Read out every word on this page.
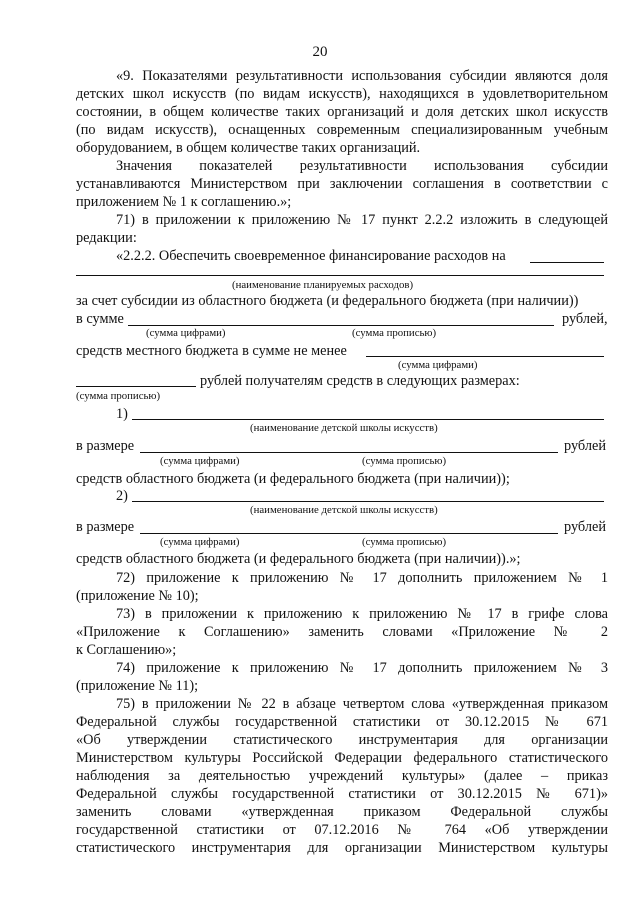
20
«9. Показателями результативности использования субсидии являются доля
детских школ искусств (по видам искусств), находящихся в удовлетворительном
состоянии, в общем количестве таких организаций и доля детских школ искусств
(по видам искусств), оснащенных современным специализированным учебным
оборудованием, в общем количестве таких организаций.
Значения показателей результативности использования субсидии
устанавливаются Министерством при заключении соглашения в соответствии с
приложением № 1 к соглашению.»;
71) в приложении к приложению № 17 пункт 2.2.2 изложить в следующей
редакции:
«2.2.2. Обеспечить своевременное финансирование расходов на
(наименование планируемых расходов)
за счет субсидии из областного бюджета (и федерального бюджета (при наличии))
в сумме	рублей,
(сумма цифрами)	(сумма прописью)
средств местного бюджета в сумме не менее
(сумма цифрами)
рублей получателям средств в следующих размерах:
(сумма прописью)
1)
(наименование детской школы искусств)
в размере	рублей
(сумма цифрами)	(сумма прописью)
средств областного бюджета (и федерального бюджета (при наличии));
2)
(наименование детской школы искусств)
в размере	рублей
(сумма цифрами)	(сумма прописью)
средств областного бюджета (и федерального бюджета (при наличии)).»;
72) приложение к приложению № 17 дополнить приложением № 1
(приложение № 10);
73) в приложении к приложению к приложению № 17 в грифе слова
«Приложение к Соглашению» заменить словами «Приложение № 2
к Соглашению»;
74) приложение к приложению № 17 дополнить приложением № 3
(приложение № 11);
75) в приложении № 22 в абзаце четвертом слова «утвержденная приказом
Федеральной службы государственной статистики от 30.12.2015 № 671
«Об утверждении статистического инструментария для организации
Министерством культуры Российской Федерации федерального статистического
наблюдения за деятельностью учреждений культуры» (далее – приказ
Федеральной службы государственной статистики от 30.12.2015 № 671)»
заменить словами «утвержденная приказом Федеральной службы
государственной статистики от 07.12.2016 № 764 «Об утверждении
статистического инструментария для организации Министерством культуры
